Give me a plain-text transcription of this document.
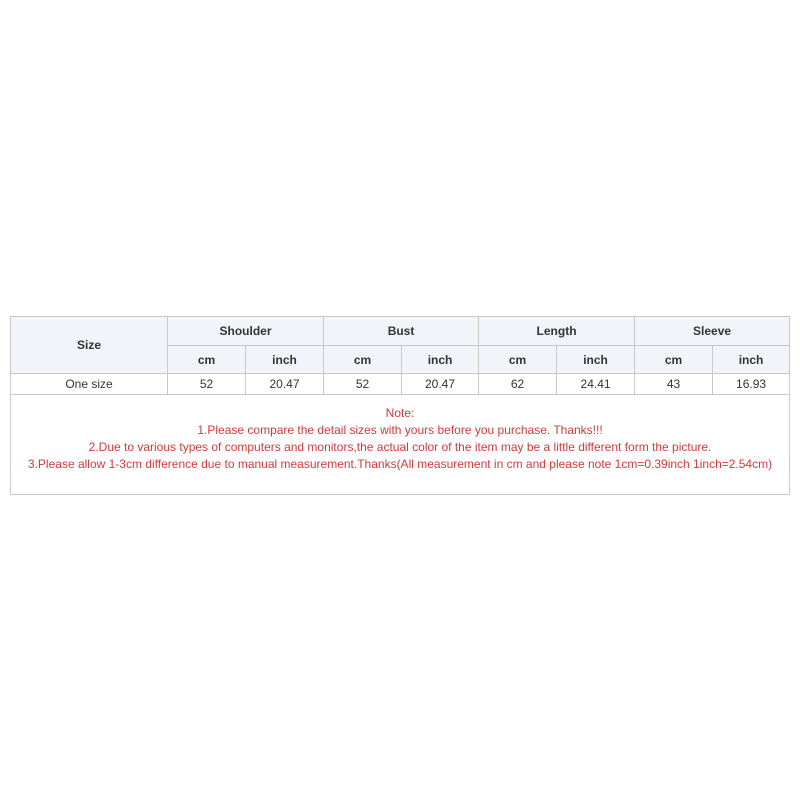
Size	Shoulder		Bust		Length		Sleeve	
	cm	inch	cm	inch	cm	inch	cm	inch
One size	52	20.47	52	20.47	62	24.41	43	16.93

Note:
1.Please compare the detail sizes with yours before you purchase. Thanks!!!
2.Due to various types of computers and monitors,the actual color of the item may be a little different form the picture.
3.Please allow 1-3cm difference due to manual measurement.Thanks(All measurement in cm and please note 1cm=0.39inch 1inch=2.54cm)								
